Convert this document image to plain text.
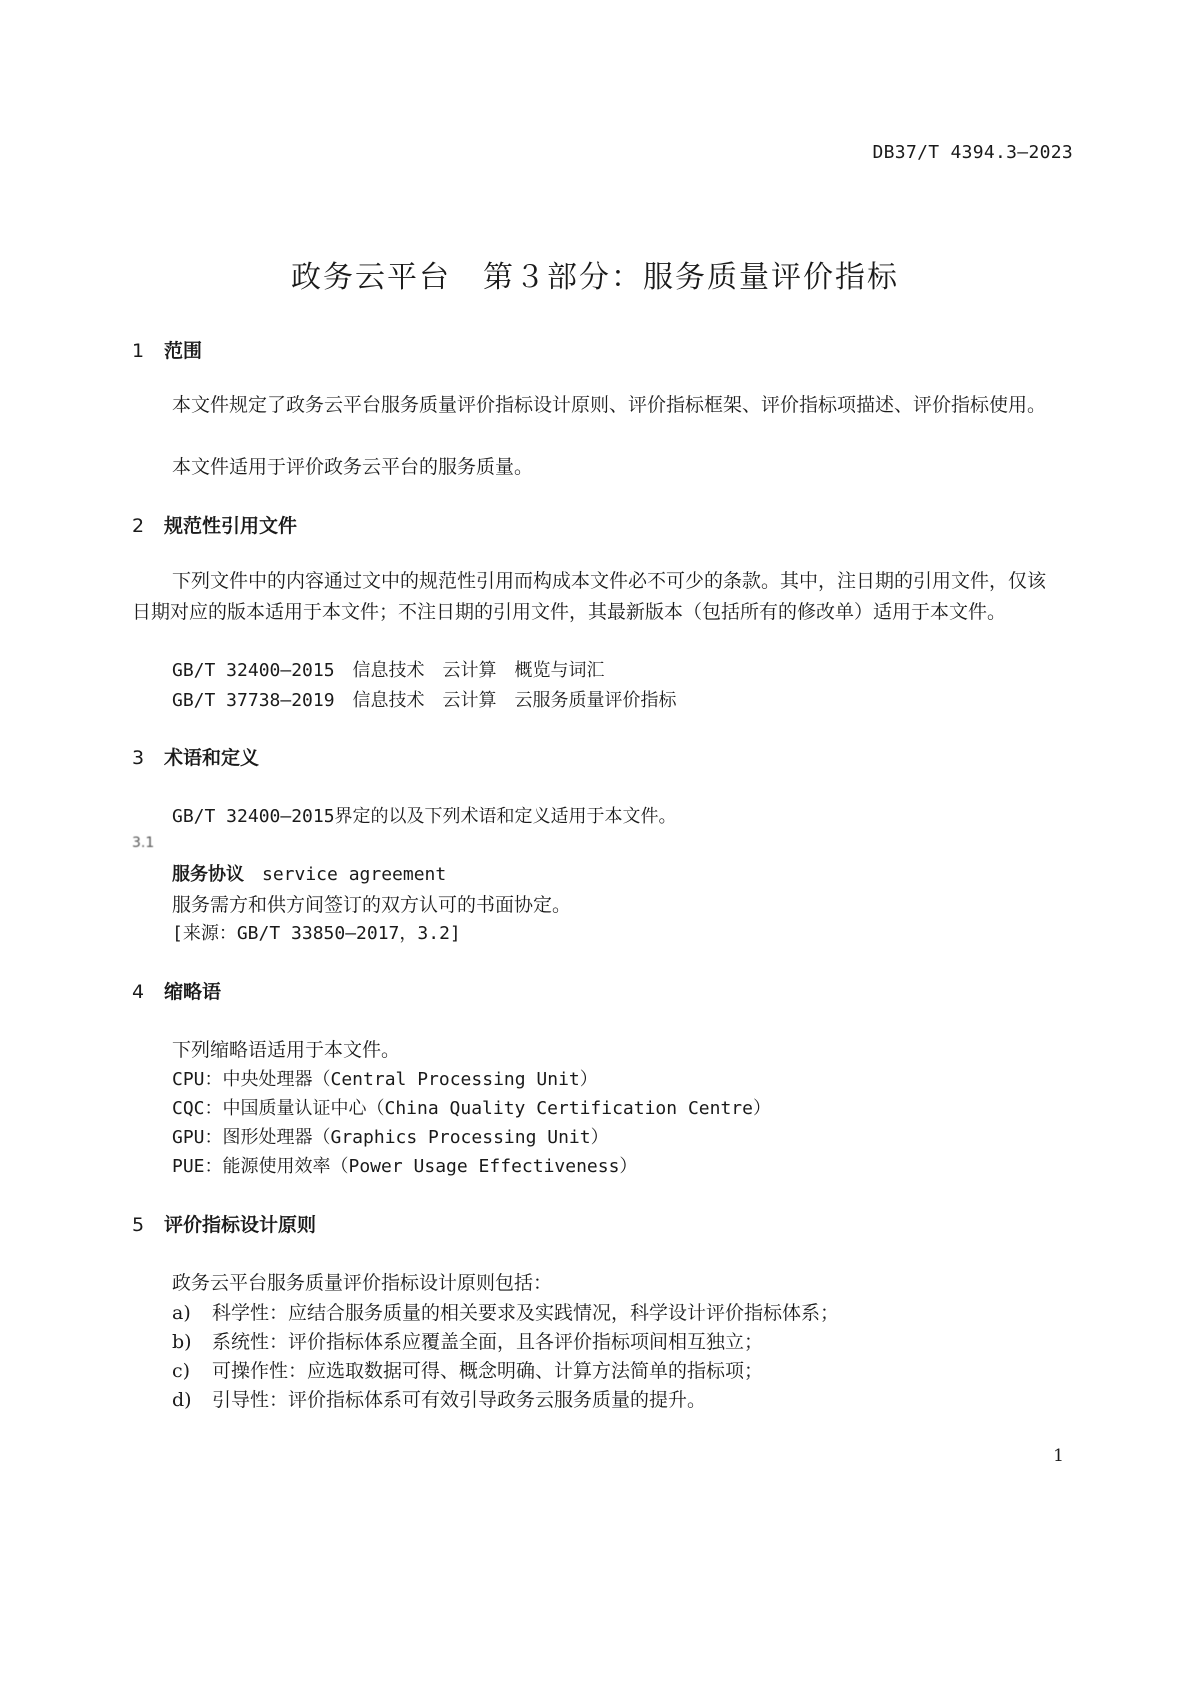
DB37/T 4394.3—2023
政务云平台　第３部分：服务质量评价指标
1 范围
本文件规定了政务云平台服务质量评价指标设计原则、评价指标框架、评价指标项描述、评价指标使用。
本文件适用于评价政务云平台的服务质量。
2 规范性引用文件
下列文件中的内容通过文中的规范性引用而构成本文件必不可少的条款。其中，注日期的引用文件，仅该日期对应的版本适用于本文件；不注日期的引用文件，其最新版本（包括所有的修改单）适用于本文件。
GB/T 32400—2015　信息技术　云计算　概览与词汇
GB/T 37738—2019　信息技术　云计算　云服务质量评价指标
3 术语和定义
GB/T 32400—2015界定的以及下列术语和定义适用于本文件。
3.1
服务协议 service agreement
服务需方和供方间签订的双方认可的书面协定。
[来源：GB/T 33850—2017，3.2]
4 缩略语
下列缩略语适用于本文件。
CPU：中央处理器（Central Processing Unit）
CQC：中国质量认证中心（China Quality Certification Centre）
GPU：图形处理器（Graphics Processing Unit）
PUE：能源使用效率（Power Usage Effectiveness）
5 评价指标设计原则
政务云平台服务质量评价指标设计原则包括：
a) 科学性：应结合服务质量的相关要求及实践情况，科学设计评价指标体系；
b) 系统性：评价指标体系应覆盖全面，且各评价指标项间相互独立；
c) 可操作性：应选取数据可得、概念明确、计算方法简单的指标项；
d) 引导性：评价指标体系可有效引导政务云服务质量的提升。
1
